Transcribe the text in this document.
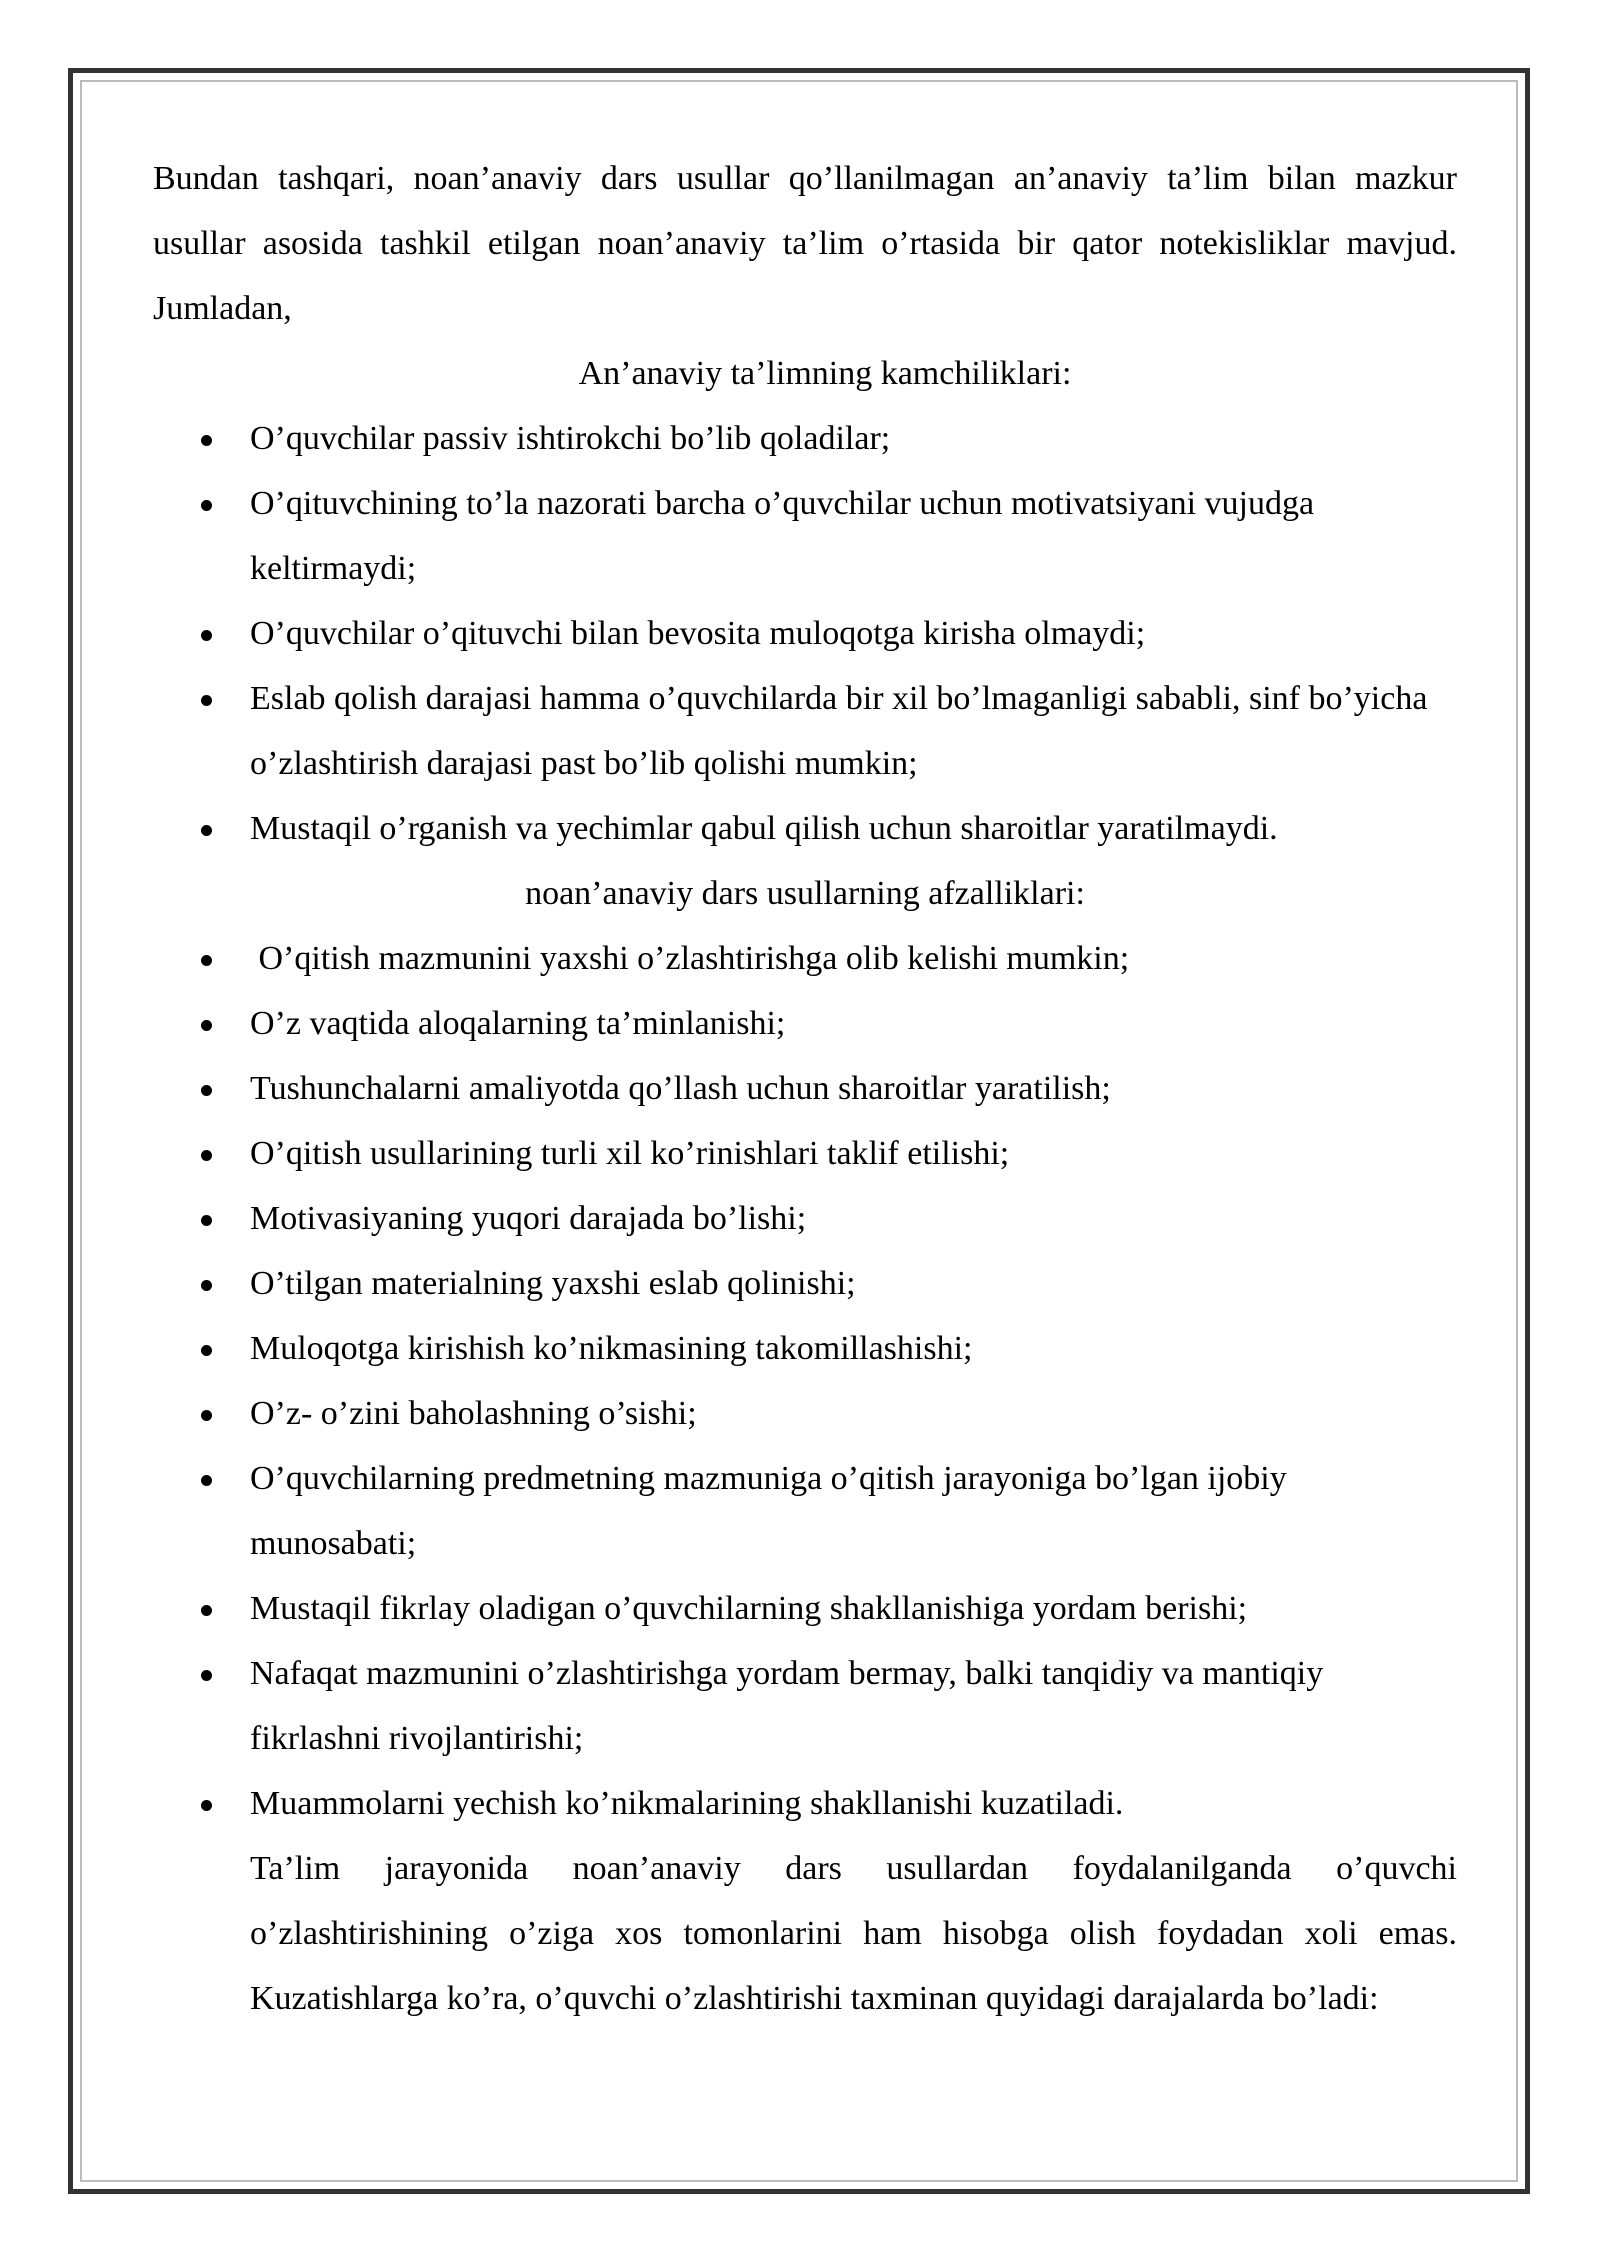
Bundan tashqari, noan’anaviy dars usullar qo’llanilmagan an’anaviy ta’lim bilan mazkur usullar asosida tashkil etilgan noan’anaviy ta’lim o’rtasida bir qator notekisliklar mavjud. Jumladan,

An’anaviy ta’limning kamchiliklari:

O’quvchilar passiv ishtirokchi bo’lib qoladilar;
O’qituvchining to’la nazorati barcha o’quvchilar uchun motivatsiyani vujudga keltirmaydi;
O’quvchilar o’qituvchi bilan bevosita muloqotga kirisha olmaydi;
Eslab qolish darajasi hamma o’quvchilarda bir xil bo’lmaganligi sababli, sinf bo’yicha o’zlashtirish darajasi past bo’lib qolishi mumkin;
Mustaqil o’rganish va yechimlar qabul qilish uchun sharoitlar yaratilmaydi.

noan’anaviy dars usullarning afzalliklari:

O’qitish mazmunini yaxshi o’zlashtirishga olib kelishi mumkin;
O’z vaqtida aloqalarning ta’minlanishi;
Tushunchalarni amaliyotda qo’llash uchun sharoitlar yaratilish;
O’qitish usullarining turli xil ko’rinishlari taklif etilishi;
Motivasiyaning yuqori darajada bo’lishi;
O’tilgan materialning yaxshi eslab qolinishi;
Muloqotga kirishish ko’nikmasining takomillashishi;
O’z- o’zini baholashning o’sishi;
O’quvchilarning predmetning mazmuniga o’qitish jarayoniga bo’lgan ijobiy munosabati;
Mustaqil fikrlay oladigan o’quvchilarning shakllanishiga yordam berishi;
Nafaqat mazmunini o’zlashtirishga yordam bermay, balki tanqidiy va mantiqiy fikrlashni rivojlantirishi;
Muammolarni yechish ko’nikmalarining shakllanishi kuzatiladi.

Ta’lim jarayonida noan’anaviy dars usullardan foydalanilganda o’quvchi o’zlashtirishining o’ziga xos tomonlarini ham hisobga olish foydadan xoli emas.  Kuzatishlarga ko’ra, o’quvchi o’zlashtirishi taxminan quyidagi darajalarda bo’ladi:
